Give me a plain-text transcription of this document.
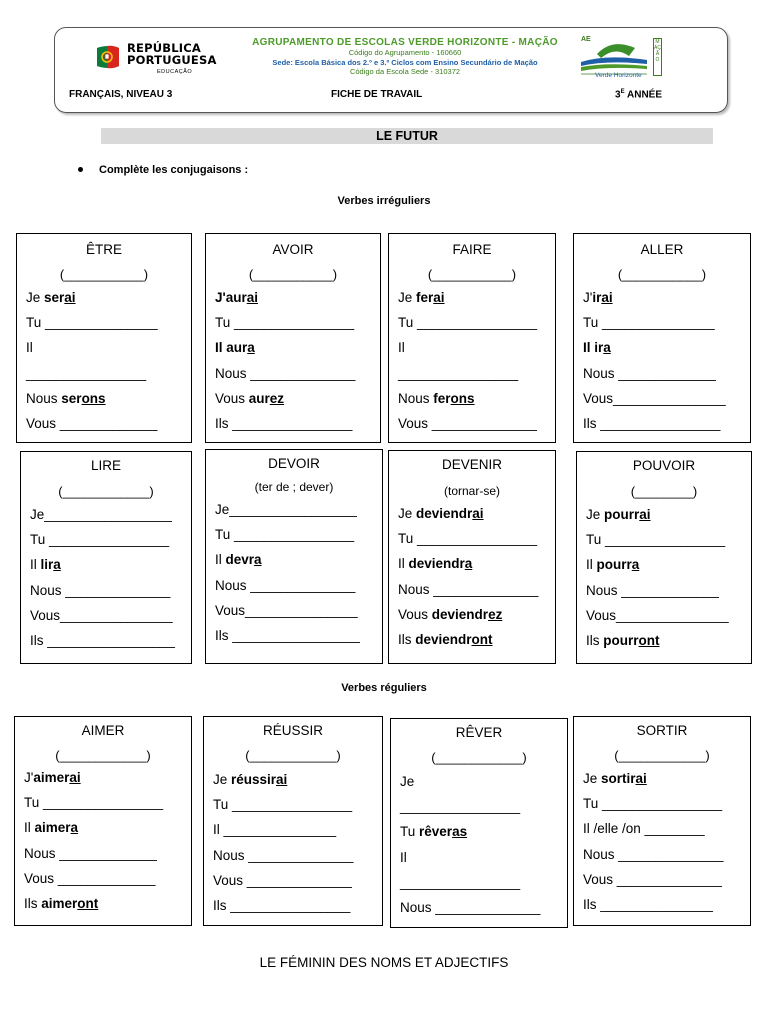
REPÚBLICA
PORTUGUESA
EDUCAÇÃO
AGRUPAMENTO DE ESCOLAS VERDE HORIZONTE - MAÇÃO
Código do Agrupamento - 160660
Sede: Escola Básica dos 2.º e 3.º Ciclos com Ensino Secundário de Mação
Código da Escola Sede - 310372
AE
Verde Horizonte
MAÇÃO
FRANÇAIS, NIVEAU 3	FICHE DE TRAVAIL	$3^E$ ANNÉE
LE FUTUR
Complète les conjugaisons :
Verbes irréguliers
Verbes réguliers
ÊTRE
(___________)
Je serai
Tu _______________
Il
________________
Nous serons
Vous _____________
AVOIR
(___________)
J'aurai
Tu ________________
Il aura
Nous ______________
Vous aurez
Ils ________________
FAIRE
(___________)
Je ferai
Tu ________________
Il
________________
Nous ferons
Vous ______________
ALLER
(___________)
J'irai
Tu _______________
Il ira
Nous _____________
Vous_______________
Ils ________________
LIRE
(____________)
Je_________________
Tu ________________
Il lira
Nous ______________
Vous_______________
Ils _________________
DEVOIR
(ter de ; dever)
Je_________________
Tu ________________
Il devra
Nous ______________
Vous_______________
Ils _________________
DEVENIR
(tornar-se)
Je deviendrai
Tu ________________
Il deviendra
Nous ______________
Vous deviendrez
Ils deviendront
POUVOIR
(________)
Je pourrai
Tu ________________
Il pourra
Nous _____________
Vous_______________
Ils pourront
AIMER
(____________)
J'aimerai
Tu ________________
Il aimera
Nous _____________
Vous _____________
Ils aimeront
RÉUSSIR
(____________)
Je réussirai
Tu ________________
Il _______________
Nous ______________
Vous ______________
Ils ________________
RÊVER
(____________)
Je
________________
Tu rêveras
Il
________________
Nous ______________
SORTIR
(____________)
Je sortirai
Tu ________________
Il /elle /on ________
Nous ______________
Vous ______________
Ils _______________
LE FÉMININ DES NOMS ET ADJECTIFS
